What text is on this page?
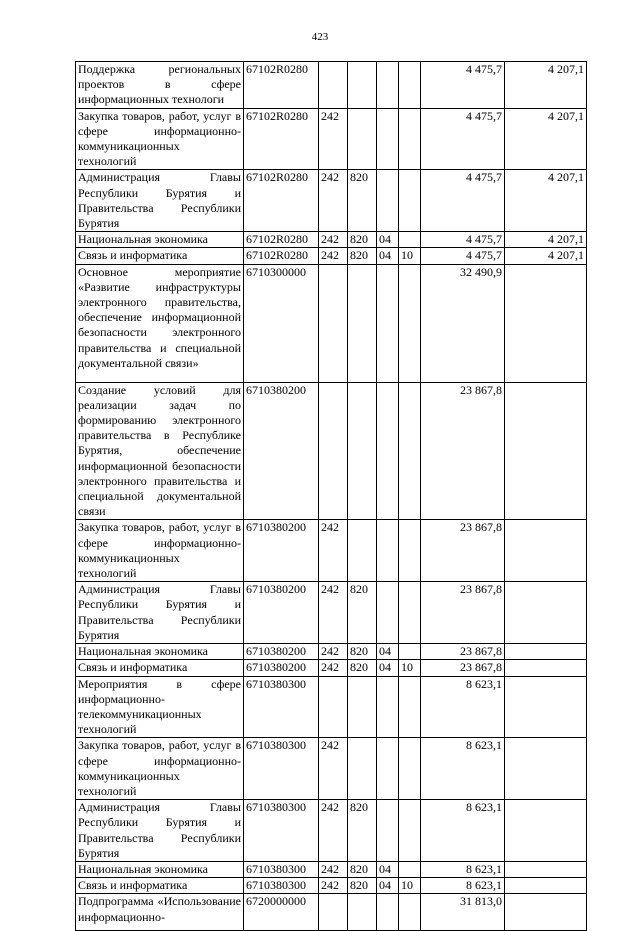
423
Поддержка региональных проектов в сфере информационных технологи	67102R0280					4 475,7	4 207,1
Закупка товаров, работ, услуг в сфере информационно-коммуникационных технологий	67102R0280	242				4 475,7	4 207,1
Администрация Главы Республики Бурятия и Правительства Республики Бурятия	67102R0280	242	820			4 475,7	4 207,1
Национальная экономика	67102R0280	242	820	04		4 475,7	4 207,1
Связь и информатика	67102R0280	242	820	04	10	4 475,7	4 207,1
Основное мероприятие «Развитие инфраструктуры электронного правительства, обеспечение информационной безопасности электронного правительства и специальной документальной связи»	6710300000					32 490,9	
Создание условий для реализации задач по формированию электронного правительства в Республике Бурятия, обеспечение информационной безопасности электронного правительства и специальной документальной связи	6710380200					23 867,8	
Закупка товаров, работ, услуг в сфере информационно-коммуникационных технологий	6710380200	242				23 867,8	
Администрация Главы Республики Бурятия и Правительства Республики Бурятия	6710380200	242	820			23 867,8	
Национальная экономика	6710380200	242	820	04		23 867,8	
Связь и информатика	6710380200	242	820	04	10	23 867,8	
Мероприятия в сфере информационно-телекоммуникационных технологий	6710380300					8 623,1	
Закупка товаров, работ, услуг в сфере информационно-коммуникационных технологий	6710380300	242				8 623,1	
Администрация Главы Республики Бурятия и Правительства Республики Бурятия	6710380300	242	820			8 623,1	
Национальная экономика	6710380300	242	820	04		8 623,1	
Связь и информатика	6710380300	242	820	04	10	8 623,1	
Подпрограмма «Использование информационно-	6720000000					31 813,0	
